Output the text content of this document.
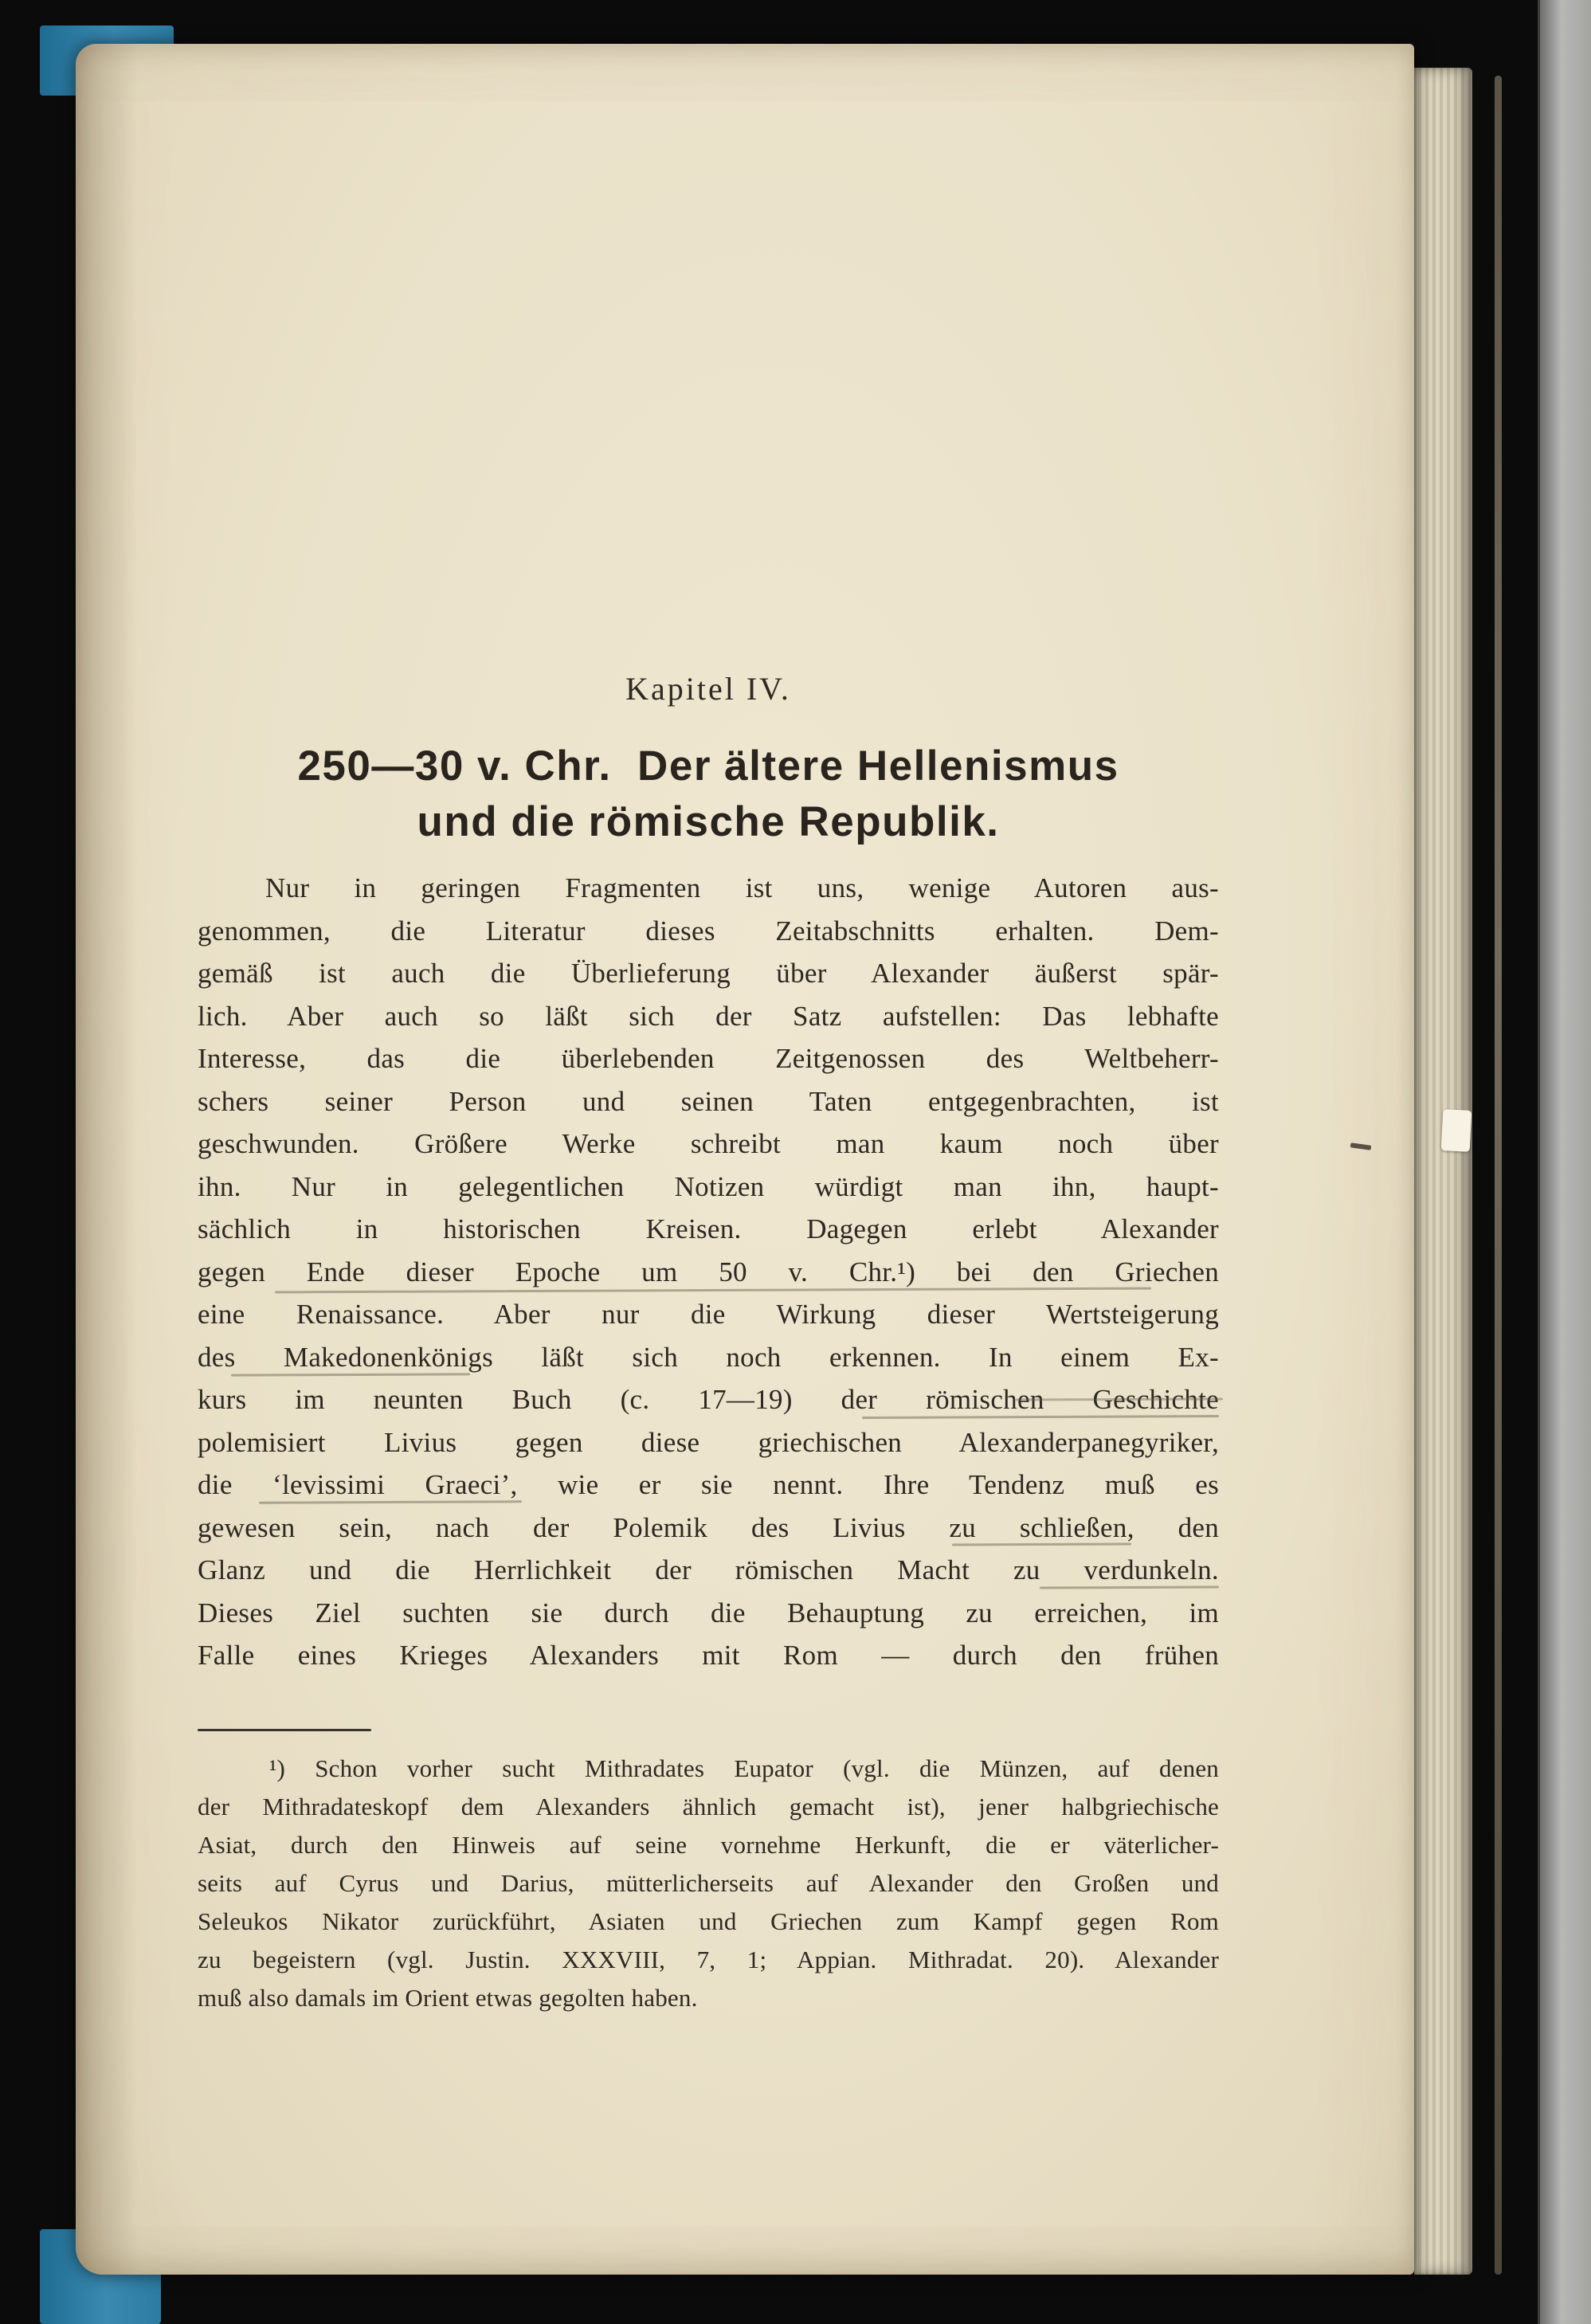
Kapitel IV.
250—30 v. Chr.  Der ältere Hellenismus
und die römische Republik.
Nur in geringen Fragmenten ist uns, wenige Autoren aus-
genommen, die Literatur dieses Zeitabschnitts erhalten. Dem-
gemäß ist auch die Überlieferung über Alexander äußerst spär-
lich. Aber auch so läßt sich der Satz aufstellen: Das lebhafte
Interesse, das die überlebenden Zeitgenossen des Weltbeherr-
schers seiner Person und seinen Taten entgegenbrachten, ist
geschwunden. Größere Werke schreibt man kaum noch über
ihn. Nur in gelegentlichen Notizen würdigt man ihn, haupt-
sächlich in historischen Kreisen. Dagegen erlebt Alexander
gegen Ende dieser Epoche um 50 v. Chr.¹) bei den Griechen
eine Renaissance. Aber nur die Wirkung dieser Wertsteigerung
des Makedonenkönigs läßt sich noch erkennen. In einem Ex-
kurs im neunten Buch (c. 17—19) der römischen Geschichte
polemisiert Livius gegen diese griechischen Alexanderpanegyriker,
die ʻlevissimi Graeciʼ, wie er sie nennt. Ihre Tendenz muß es
gewesen sein, nach der Polemik des Livius zu schließen, den
Glanz und die Herrlichkeit der römischen Macht zu verdunkeln.
Dieses Ziel suchten sie durch die Behauptung zu erreichen, im
Falle eines Krieges Alexanders mit Rom — durch den frühen
¹) Schon vorher sucht Mithradates Eupator (vgl. die Münzen, auf denen
der Mithradateskopf dem Alexanders ähnlich gemacht ist), jener halbgriechische
Asiat, durch den Hinweis auf seine vornehme Herkunft, die er väterlicher-
seits auf Cyrus und Darius, mütterlicherseits auf Alexander den Großen und
Seleukos Nikator zurückführt, Asiaten und Griechen zum Kampf gegen Rom
zu begeistern (vgl. Justin. XXXVIII, 7, 1; Appian. Mithradat. 20). Alexander
muß also damals im Orient etwas gegolten haben.
